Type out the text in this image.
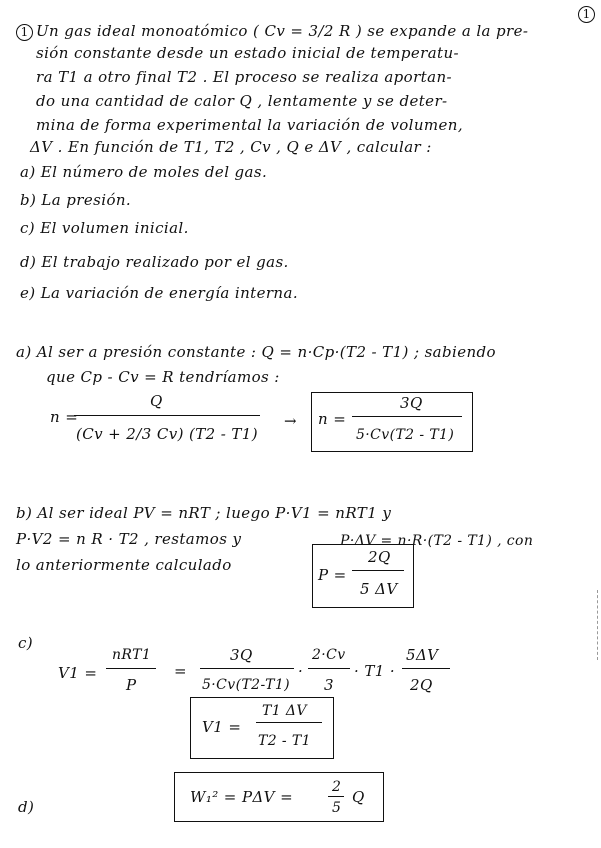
1
1 Un gas ideal monoatómico ( Cv = 3/2 R ) se expande a la pre-
sión constante desde un estado inicial de temperatu-
ra T1 a otro final T2 . El proceso se realiza aportan-
do una cantidad de calor Q , lentamente y se deter-
mina de forma experimental la variación de volumen,
ΔV . En función de T1, T2 , Cv , Q e ΔV , calcular :
a) El número de moles del gas.
b) La presión.
c) El volumen inicial.
d) El trabajo realizado por el gas.
e) La variación de energía interna.
a) Al ser a presión constante : Q = n·Cp·(T2 - T1) ; sabiendo
que Cp - Cv = R tendríamos :
n =
Q
(Cv + 2/3 Cv) (T2 - T1)
→ n =
3Q
5·Cv(T2 - T1)
b) Al ser ideal PV = nRT ; luego P·V1 = nRT1 y
P·V2 = n R · T2 , restamos y	P·ΔV = n·R·(T2 - T1) , con
lo anteriormente calculado
P =
2Q
5 ΔV
c)
V1 =
nRT1
P
=
3Q
5·Cv(T2-T1)
·
2·Cv
3
· T1 ·
5ΔV
2Q
V1 =
T1 ΔV
T2 - T1
d)
W₁² = PΔV =
2
5
Q
